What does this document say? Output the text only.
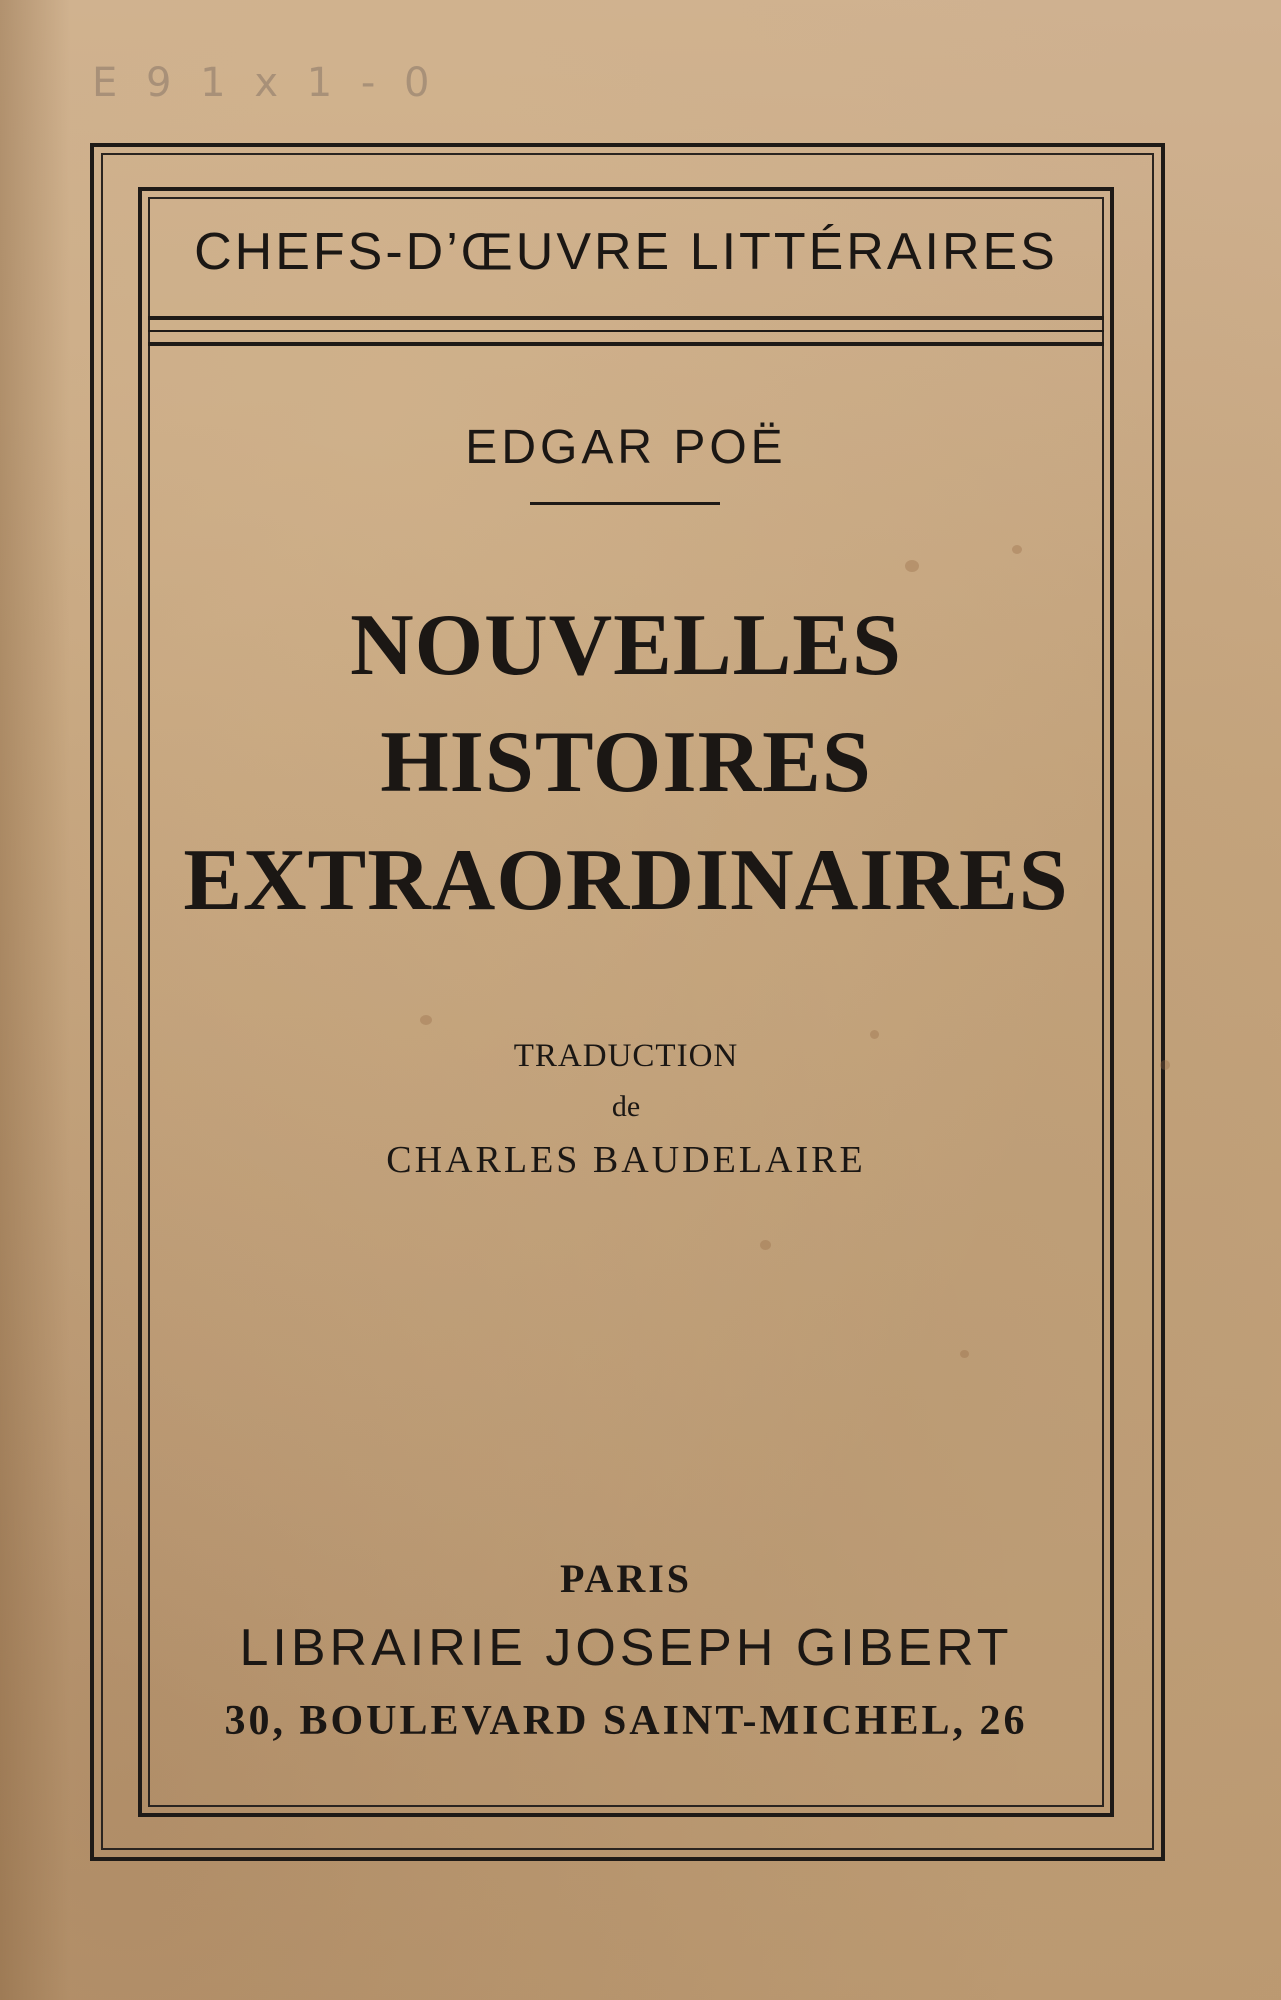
E 9 1 x 1 - 0
CHEFS-D’ŒUVRE LITTÉRAIRES
EDGAR POË
NOUVELLES
HISTOIRES
EXTRAORDINAIRES
TRADUCTION
de
CHARLES BAUDELAIRE
PARIS
LIBRAIRIE JOSEPH GIBERT
30, BOULEVARD SAINT-MICHEL, 26
